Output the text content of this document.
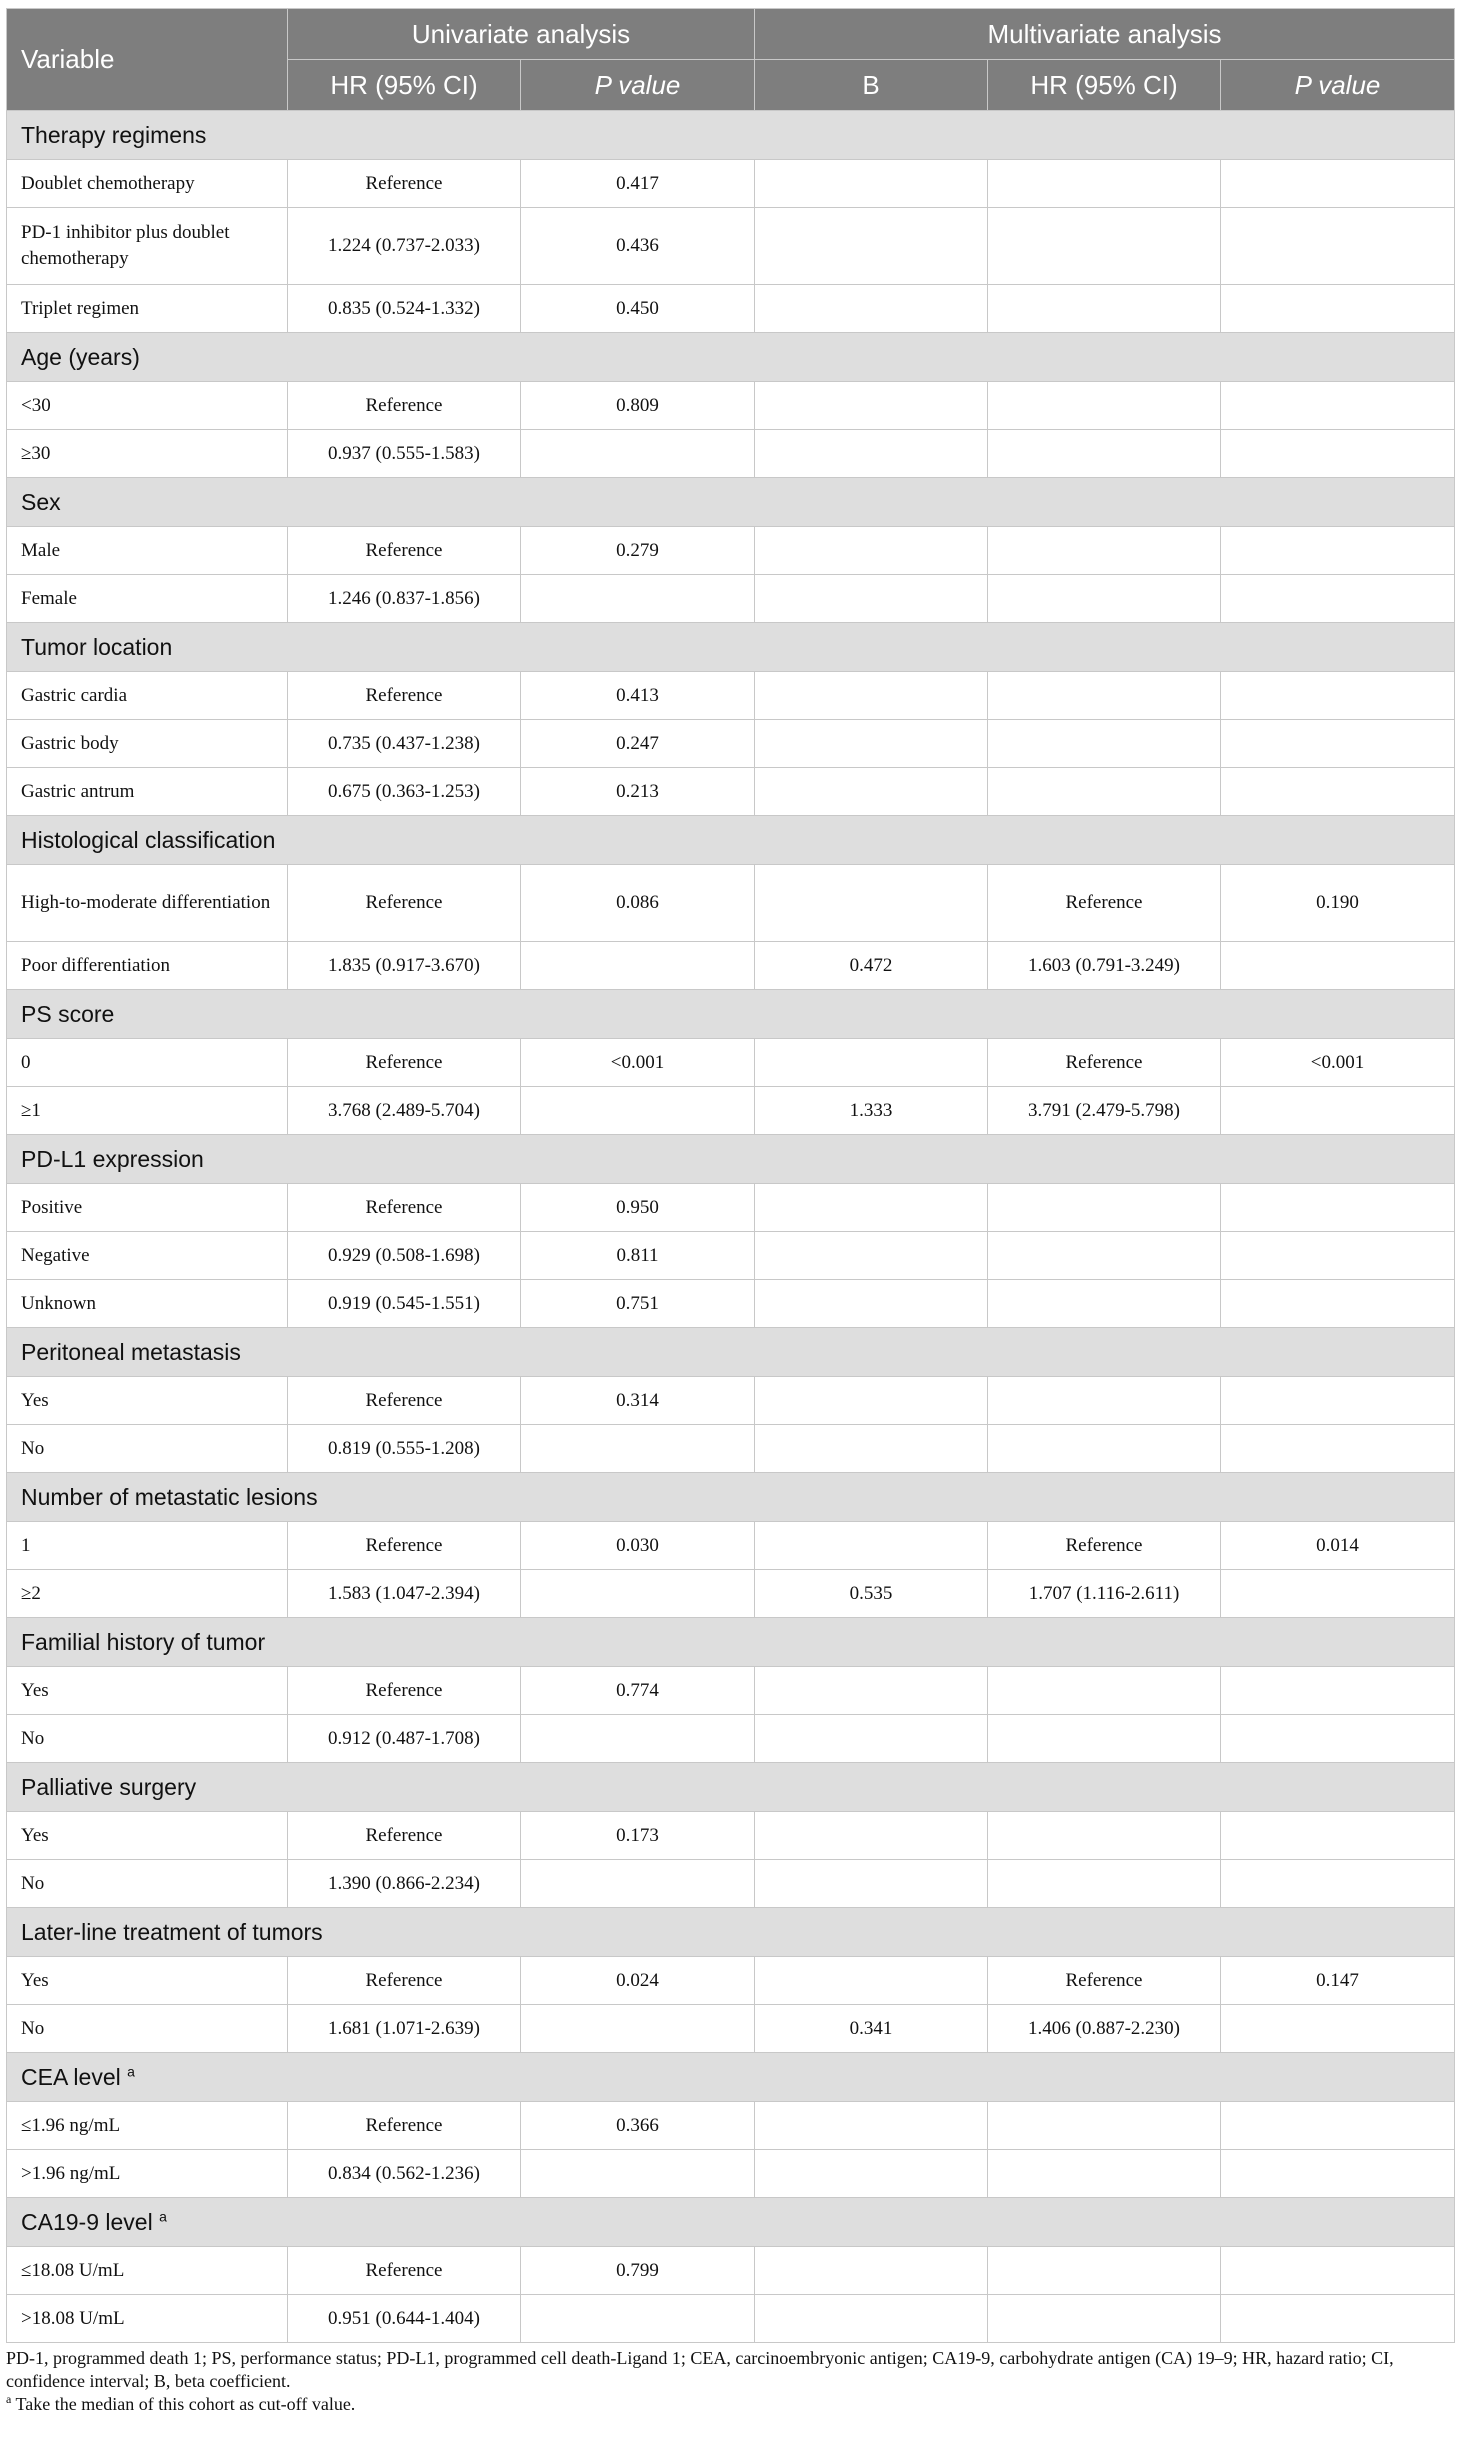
Variable	Univariate analysis		Multivariate analysis		
	HR (95% CI)	P value	B	HR (95% CI)	P value
Therapy regimens					
Doublet chemotherapy	Reference	0.417			
PD-1 inhibitor plus doublet chemotherapy	1.224 (0.737-2.033)	0.436			
Triplet regimen	0.835 (0.524-1.332)	0.450			
Age (years)					
<30	Reference	0.809			
≥30	0.937 (0.555-1.583)				
Sex					
Male	Reference	0.279			
Female	1.246 (0.837-1.856)				
Tumor location					
Gastric cardia	Reference	0.413			
Gastric body	0.735 (0.437-1.238)	0.247			
Gastric antrum	0.675 (0.363-1.253)	0.213			
Histological classification					
High-to-moderate differentiation	Reference	0.086		Reference	0.190
Poor differentiation	1.835 (0.917-3.670)		0.472	1.603 (0.791-3.249)	
PS score					
0	Reference	<0.001		Reference	<0.001
≥1	3.768 (2.489-5.704)		1.333	3.791 (2.479-5.798)	
PD-L1 expression					
Positive	Reference	0.950			
Negative	0.929 (0.508-1.698)	0.811			
Unknown	0.919 (0.545-1.551)	0.751			
Peritoneal metastasis					
Yes	Reference	0.314			
No	0.819 (0.555-1.208)				
Number of metastatic lesions					
1	Reference	0.030		Reference	0.014
≥2	1.583 (1.047-2.394)		0.535	1.707 (1.116-2.611)	
Familial history of tumor					
Yes	Reference	0.774			
No	0.912 (0.487-1.708)				
Palliative surgery					
Yes	Reference	0.173			
No	1.390 (0.866-2.234)				
Later-line treatment of tumors					
Yes	Reference	0.024		Reference	0.147
No	1.681 (1.071-2.639)		0.341	1.406 (0.887-2.230)	
CEA level $^a$
≤1.96 ng/mL	Reference	0.366			
>1.96 ng/mL	0.834 (0.562-1.236)				
CA19-9 level $^a$
≤18.08 U/mL	Reference	0.799			
>18.08 U/mL	0.951 (0.644-1.404)				

PD-1, programmed death 1; PS, performance status; PD-L1, programmed cell death-Ligand 1; CEA, carcinoembryonic antigen; CA19-9, carbohydrate antigen (CA) 19–9; HR, hazard ratio; CI, confidence interval; B, beta coefficient.

$^a$ Take the median of this cohort as cut-off value.
